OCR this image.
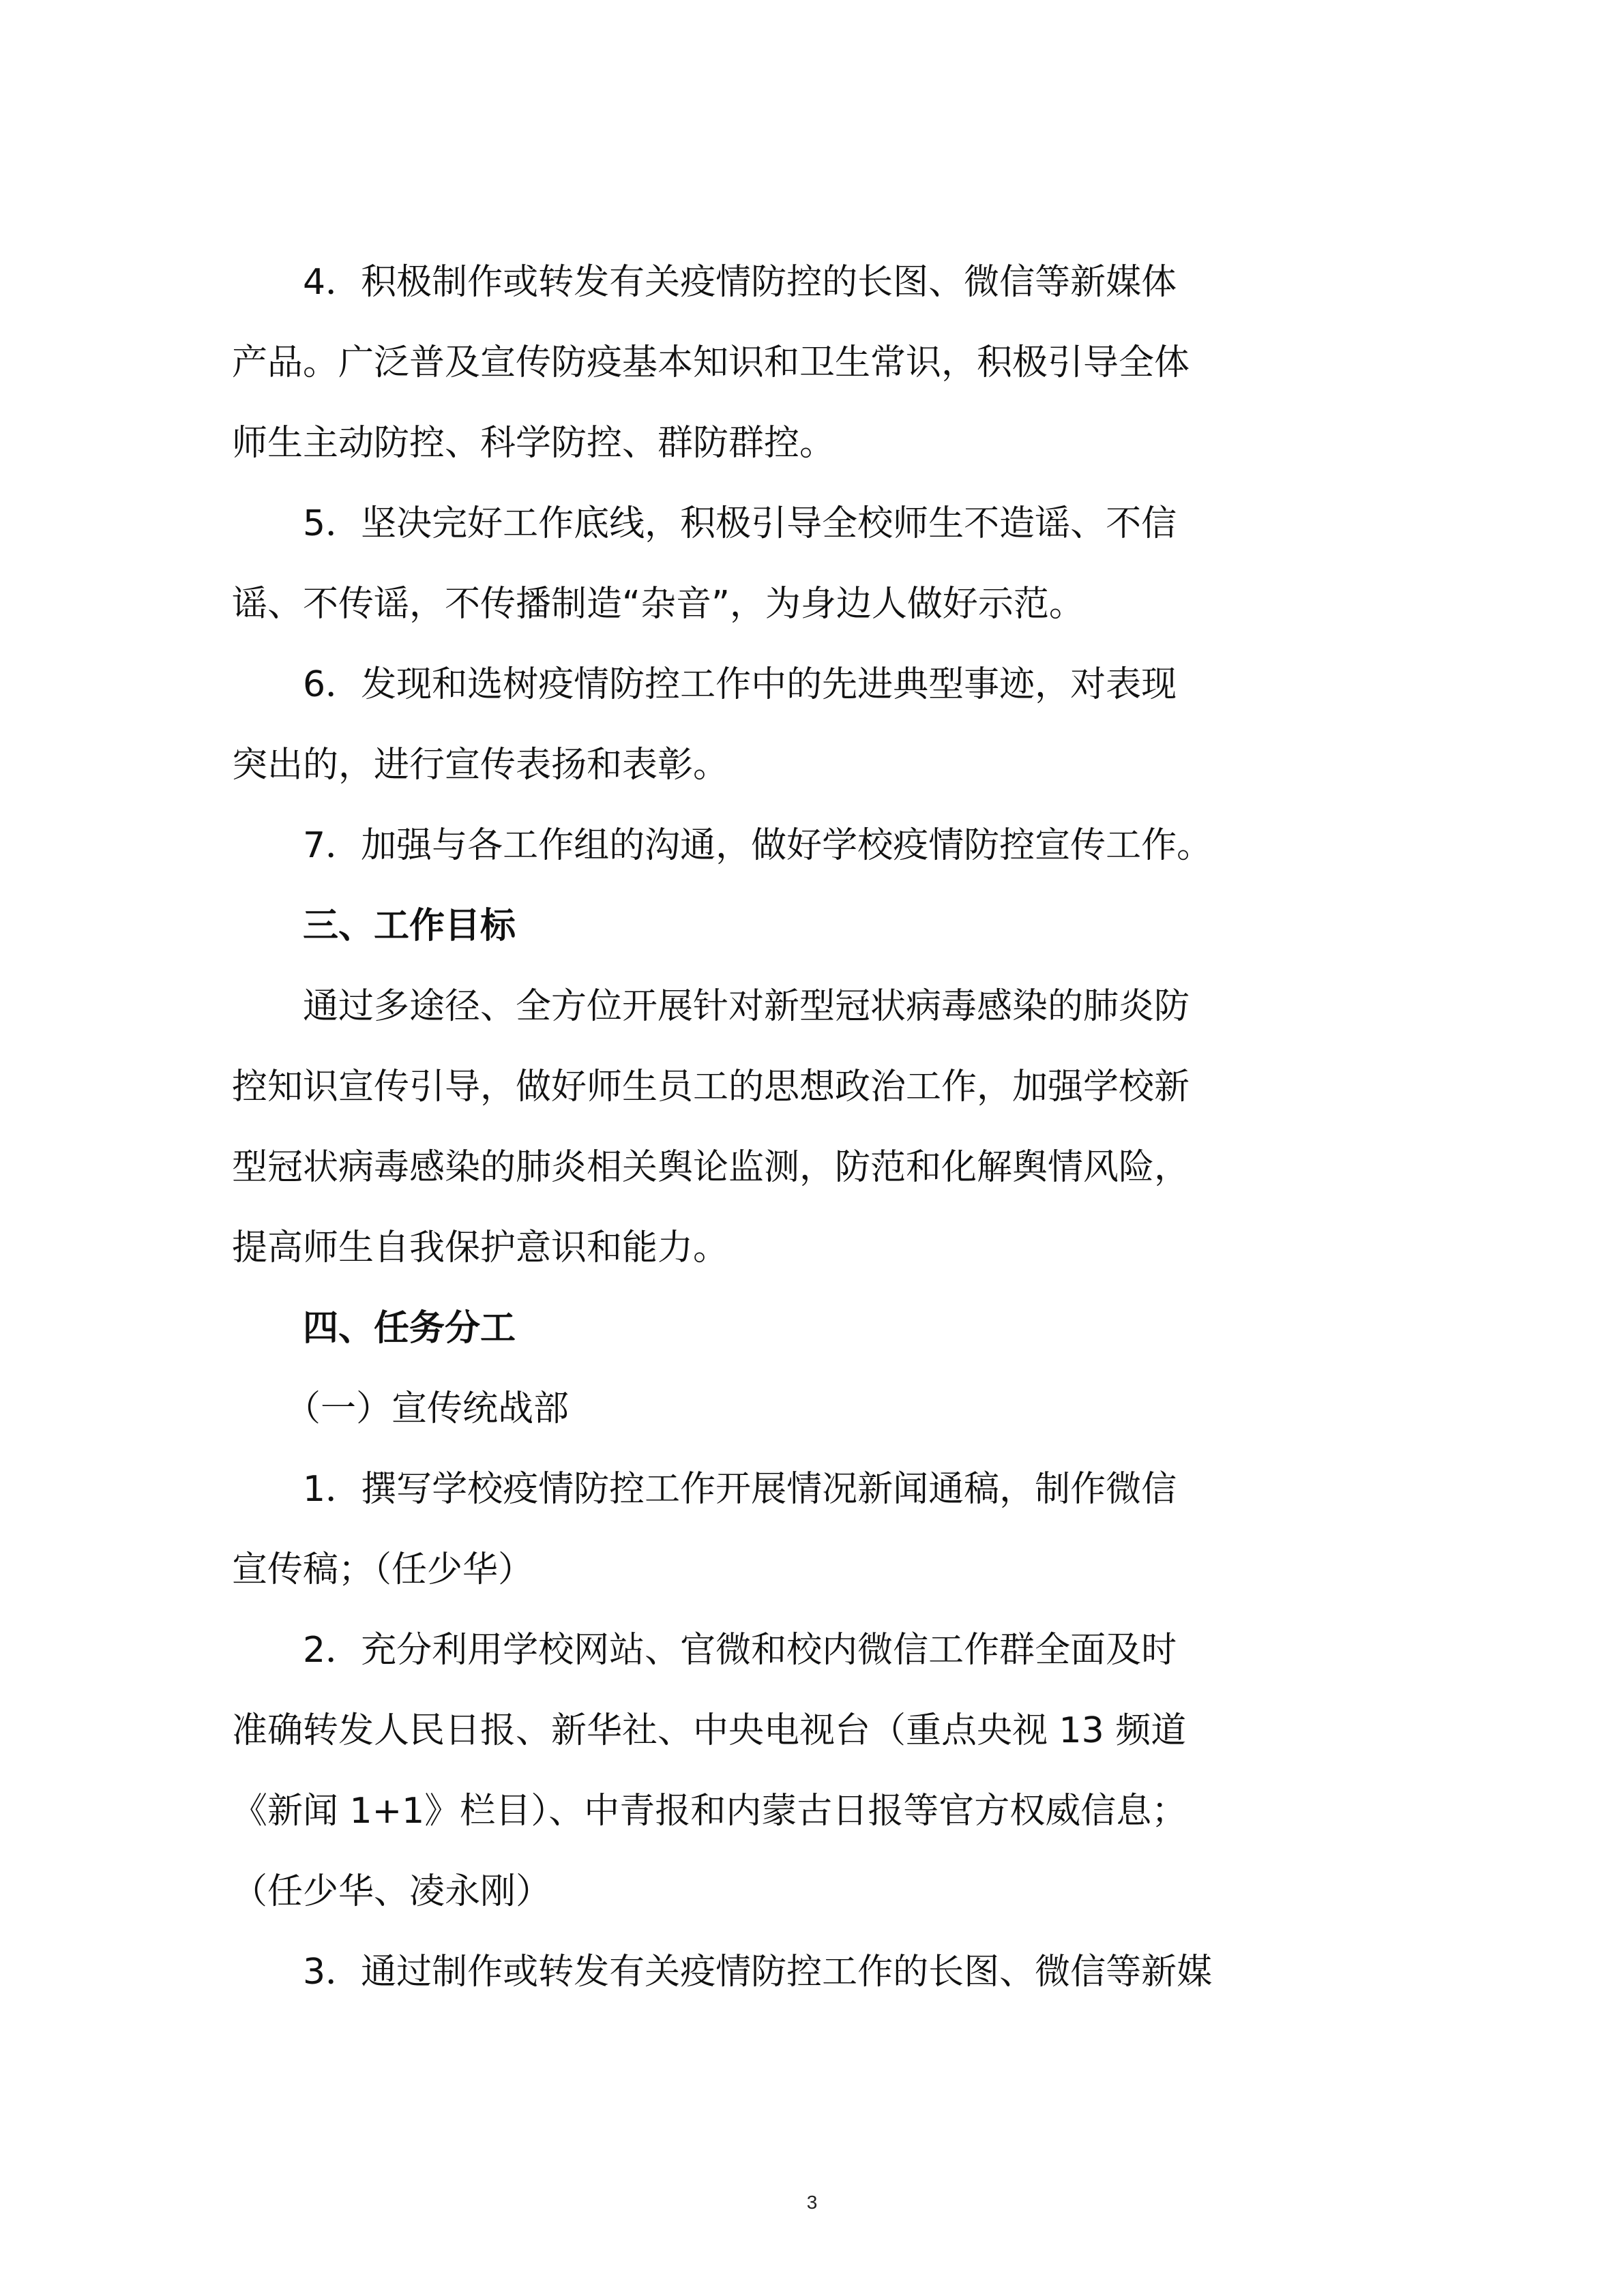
　　4．积极制作或转发有关疫情防控的长图、微信等新媒体
产品。广泛普及宣传防疫基本知识和卫生常识，积极引导全体
师生主动防控、科学防控、群防群控。
　　5．坚决完好工作底线，积极引导全校师生不造谣、不信
谣、不传谣，不传播制造“杂音”，为身边人做好示范。
　　6．发现和选树疫情防控工作中的先进典型事迹，对表现
突出的，进行宣传表扬和表彰。
　　7．加强与各工作组的沟通，做好学校疫情防控宣传工作。
　　三、工作目标
　　通过多途径、全方位开展针对新型冠状病毒感染的肺炎防
控知识宣传引导，做好师生员工的思想政治工作，加强学校新
型冠状病毒感染的肺炎相关舆论监测，防范和化解舆情风险，
提高师生自我保护意识和能力。
　　四、任务分工
　　（一）宣传统战部
　　1．撰写学校疫情防控工作开展情况新闻通稿，制作微信
宣传稿；（任少华）
　　2．充分利用学校网站、官微和校内微信工作群全面及时
准确转发人民日报、新华社、中央电视台（重点央视 13 频道
《新闻 1+1》栏目）、中青报和内蒙古日报等官方权威信息；
（任少华、凌永刚）
　　3．通过制作或转发有关疫情防控工作的长图、微信等新媒
3
